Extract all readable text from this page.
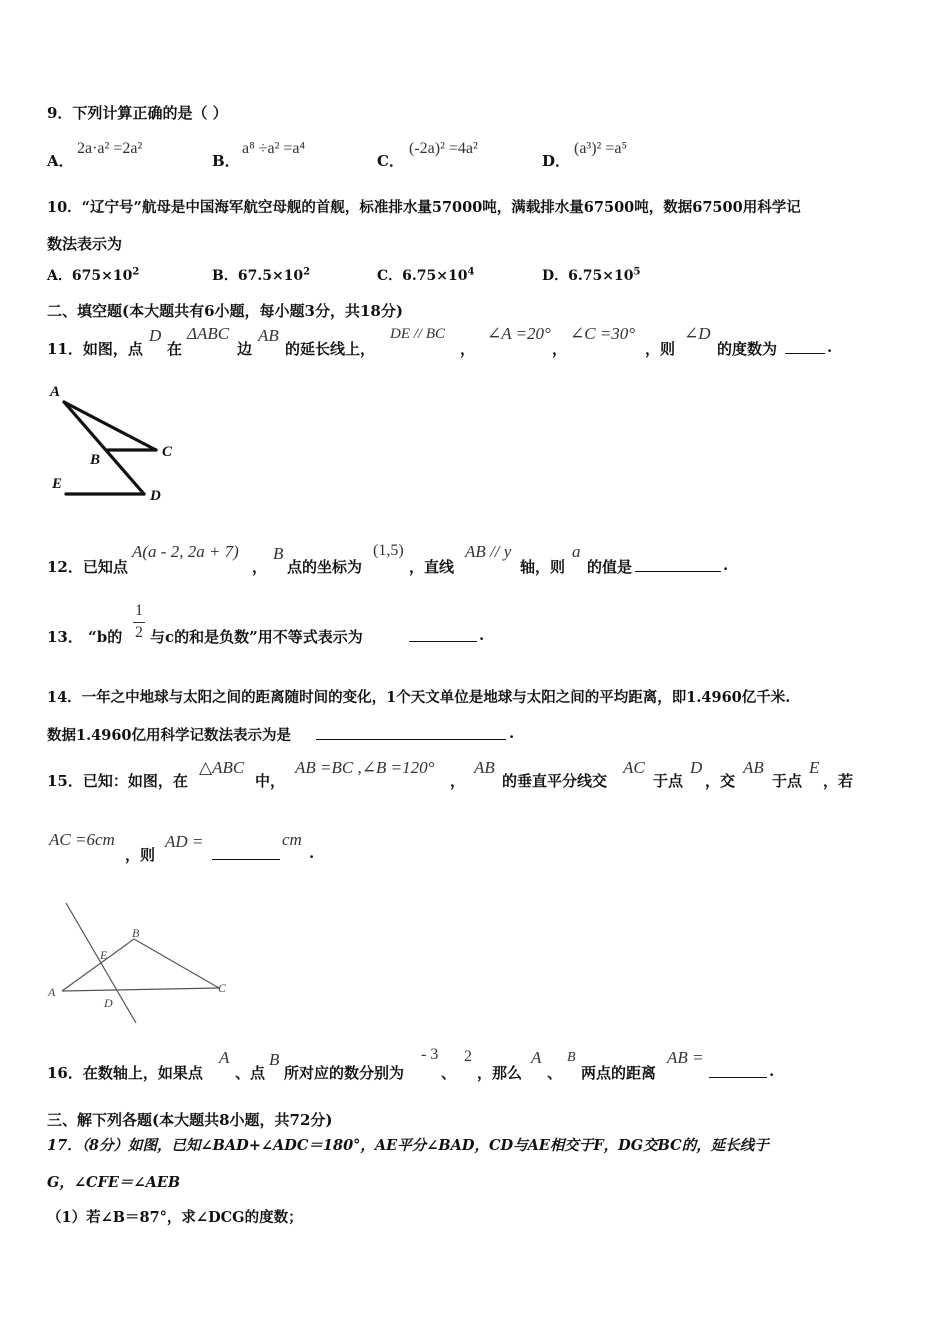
9．下列计算正确的是（ ）
A．
2a·a² =2a²
B．
a⁸ ÷a² =a⁴
C．
(-2a)² =4a²
D．
(a³)² =a⁵
10．“辽宁号”航母是中国海军航空母舰的首舰，标准排水量57000吨，满载排水量67500吨，数据67500用科学记
数法表示为
A．$675\times 10^2$	B．$67.5\times 10^2$	C．$6.75\times 10^4$	D．$6.75\times 10^5$
二、填空题(本大题共有6小题，每小题3分，共18分)
11．如图，点
D
在
ΔABC
边
AB
的延长线上，
DE // BC
，
∠A =20°
，
∠C =30°
，则
∠D
的度数为	.
A
B	C
E
D
12．已知点
A(a - 2, 2a + 7)
，
B
点的坐标为
(1,5)
，直线
AB // y
轴，则
a
的值是	.
13． “b的
1
2 与c的和是负数”用不等式表示为	.
14．一年之中地球与太阳之间的距离随时间的变化，1个天文单位是地球与太阳之间的平均距离，即1.4960亿千米.
数据1.4960亿用科学记数法表示为是	.
15．已知：如图，在
△ABC
中，
AB =BC ,∠B =120°
，
AB
的垂直平分线交
AC
于点
D
，交
AB
于点
E
，若
AC =6cm
，则
AD =	cm
.
A
B
C
D
E
16．在数轴上，如果点
A
、点
B
所对应的数分别为
- 3
、
2
，那么
A
、
B
两点的距离
AB =
.
三、解下列各题(本大题共8小题，共72分)
17．（8分）如图，已知∠BAD+∠ADC＝180°，AE平分∠BAD，CD与AE相交于F，DG交BC的，延长线于
G，∠CFE＝∠AEB
（1）若∠B＝87°，求∠DCG的度数；
